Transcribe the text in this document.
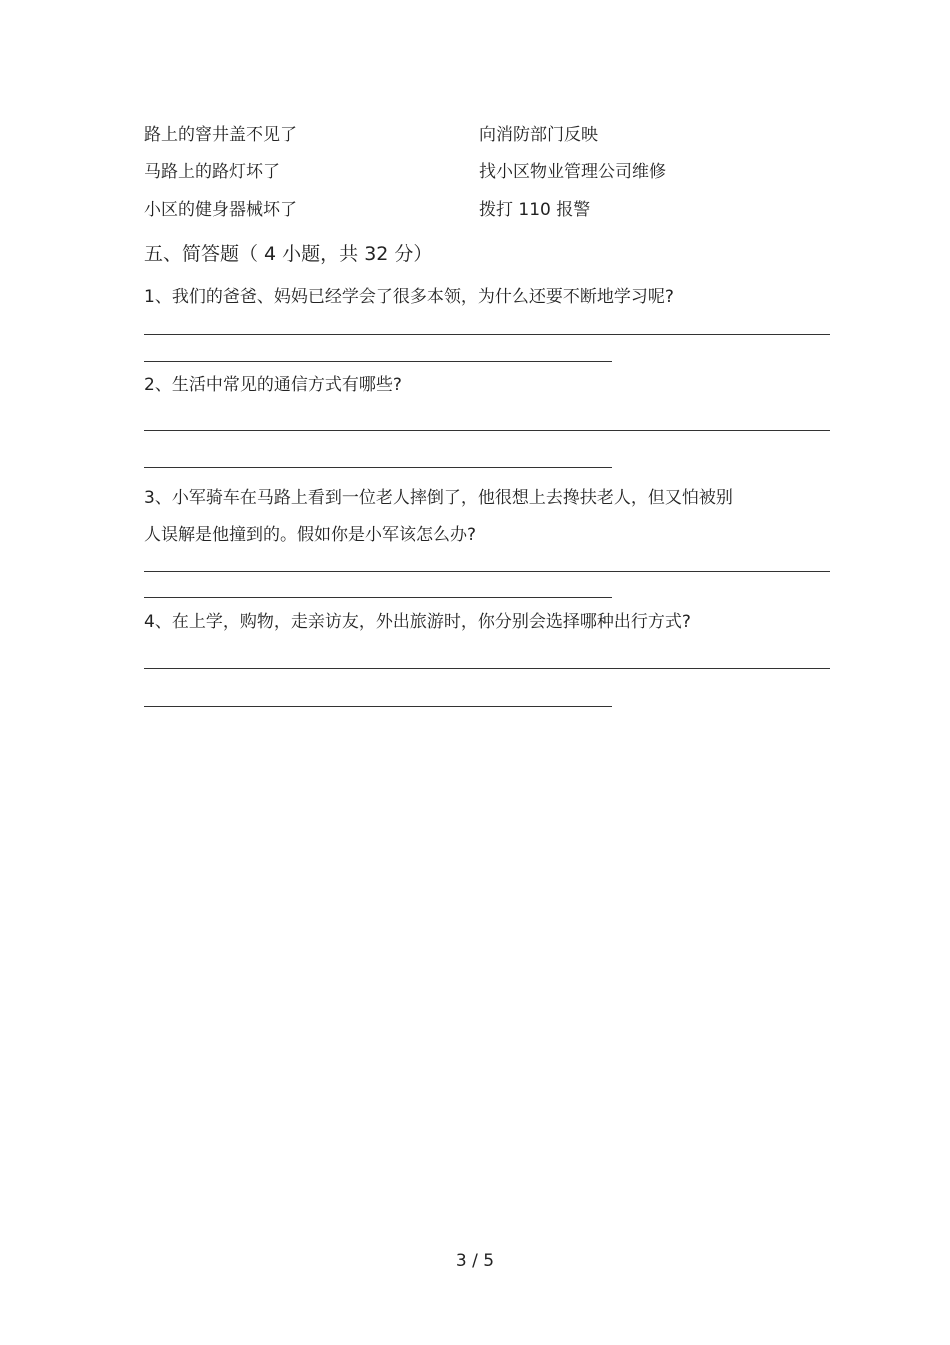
路上的窨井盖不见了	向消防部门反映
马路上的路灯坏了	找小区物业管理公司维修
小区的健身器械坏了	拨打 110 报警
五、简答题（ 4 小题，共 32 分）
1、我们的爸爸、妈妈已经学会了很多本领，为什么还要不断地学习呢?
2、生活中常见的通信方式有哪些?
3、小军骑车在马路上看到一位老人摔倒了，他很想上去搀扶老人，但又怕被别
人误解是他撞到的。假如你是小军该怎么办?
4、在上学，购物，走亲访友，外出旅游时，你分别会选择哪种出行方式?
3 / 5
